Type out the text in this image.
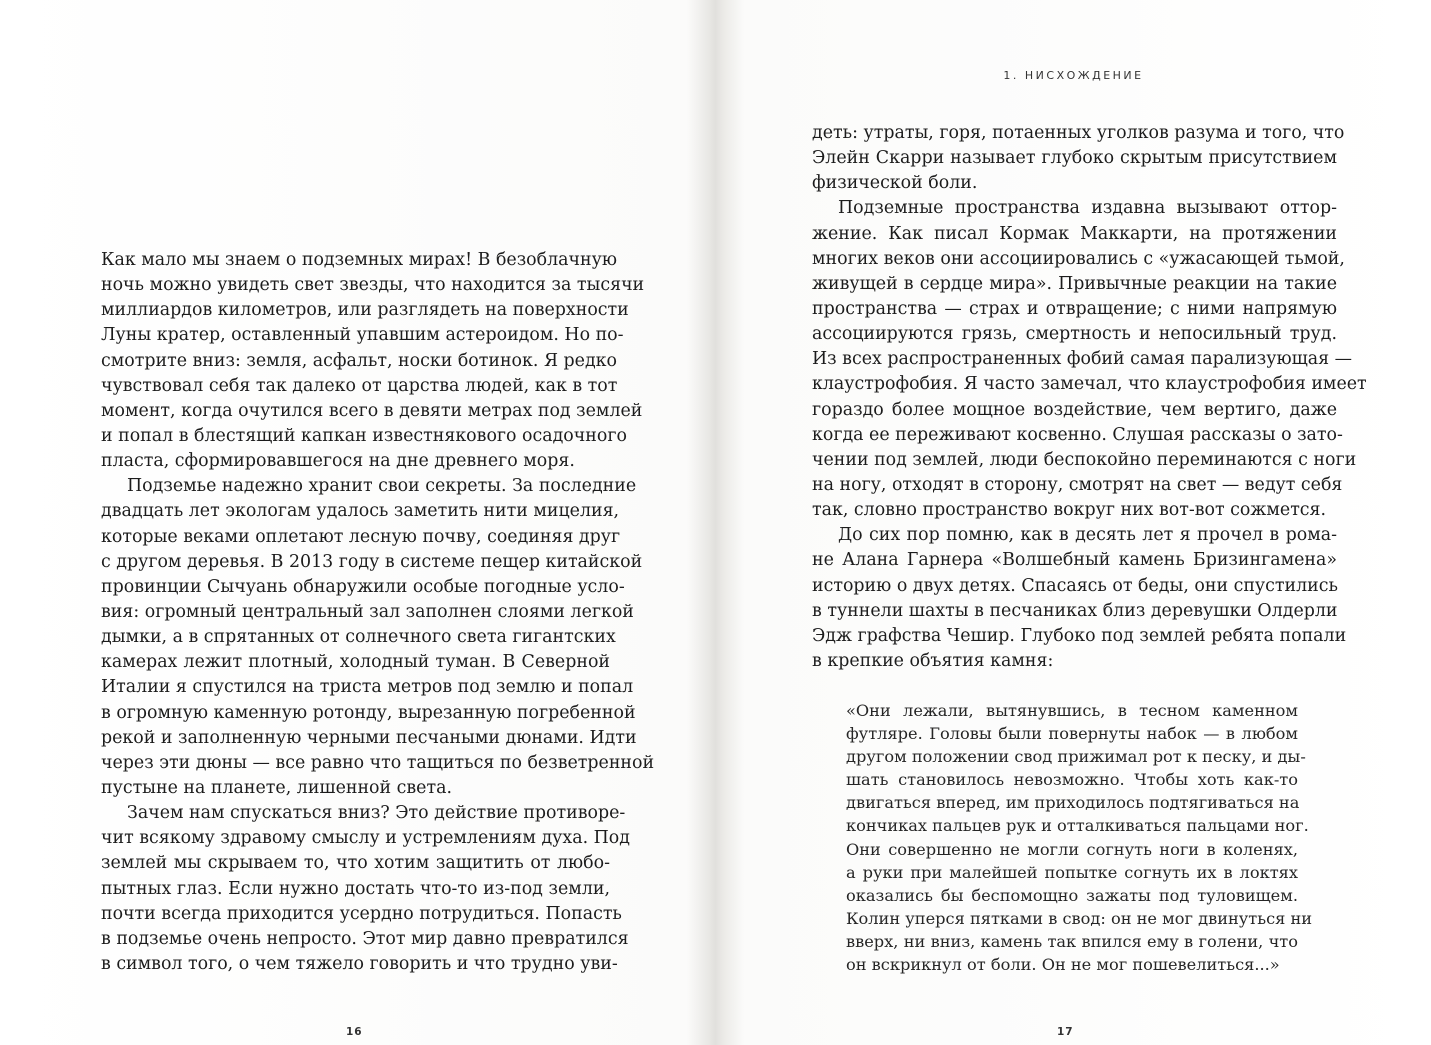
Как мало мы знаем о подземных мирах! В безоблачную
ночь можно увидеть свет звезды, что находится за тысячи
миллиардов километров, или разглядеть на поверхности
Луны кратер, оставленный упавшим астероидом. Но по-
смотрите вниз: земля, асфальт, носки ботинок. Я редко
чувствовал себя так далеко от царства людей, как в тот
момент, когда очутился всего в девяти метрах под землей
и попал в блестящий капкан известнякового осадочного
пласта, сформировавшегося на дне древнего моря.
Подземье надежно хранит свои секреты. За последние
двадцать лет экологам удалось заметить нити мицелия,
которые веками оплетают лесную почву, соединяя друг
с другом деревья. В 2013 году в системе пещер китайской
провинции Сычуань обнаружили особые погодные усло-
вия: огромный центральный зал заполнен слоями легкой
дымки, а в спрятанных от солнечного света гигантских
камерах лежит плотный, холодный туман. В Северной
Италии я спустился на триста метров под землю и попал
в огромную каменную ротонду, вырезанную погребенной
рекой и заполненную черными песчаными дюнами. Идти
через эти дюны — все равно что тащиться по безветренной
пустыне на планете, лишенной света.
Зачем нам спускаться вниз? Это действие противоре-
чит всякому здравому смыслу и устремлениям духа. Под
землей мы скрываем то, что хотим защитить от любо-
пытных глаз. Если нужно достать что-то из-под земли,
почти всегда приходится усердно потрудиться. Попасть
в подземье очень непросто. Этот мир давно превратился
в символ того, о чем тяжело говорить и что трудно уви-
16
1. НИСХОЖДЕНИЕ
деть: утраты, горя, потаенных уголков разума и того, что
Элейн Скарри называет глубоко скрытым присутствием
физической боли.
Подземные пространства издавна вызывают оттор-
жение. Как писал Кормак Маккарти, на протяжении
многих веков они ассоциировались с «ужасающей тьмой,
живущей в сердце мира». Привычные реакции на такие
пространства — страх и отвращение; с ними напрямую
ассоциируются грязь, смертность и непосильный труд.
Из всех распространенных фобий самая парализующая —
клаустрофобия. Я часто замечал, что клаустрофобия имеет
гораздо более мощное воздействие, чем вертиго, даже
когда ее переживают косвенно. Слушая рассказы о зато-
чении под землей, люди беспокойно переминаются с ноги
на ногу, отходят в сторону, смотрят на свет — ведут себя
так, словно пространство вокруг них вот-вот сожмется.
До сих пор помню, как в десять лет я прочел в рома-
не Алана Гарнера «Волшебный камень Бризингамена»
историю о двух детях. Спасаясь от беды, они спустились
в туннели шахты в песчаниках близ деревушки Олдерли
Эдж графства Чешир. Глубоко под землей ребята попали
в крепкие объятия камня:
«Они лежали, вытянувшись, в тесном каменном
футляре. Головы были повернуты набок — в любом
другом положении свод прижимал рот к песку, и ды-
шать становилось невозможно. Чтобы хоть как-то
двигаться вперед, им приходилось подтягиваться на
кончиках пальцев рук и отталкиваться пальцами ног.
Они совершенно не могли согнуть ноги в коленях,
а руки при малейшей попытке согнуть их в локтях
оказались бы беспомощно зажаты под туловищем.
Колин уперся пятками в свод: он не мог двинуться ни
вверх, ни вниз, камень так впился ему в голени, что
он вскрикнул от боли. Он не мог пошевелиться...»
17
